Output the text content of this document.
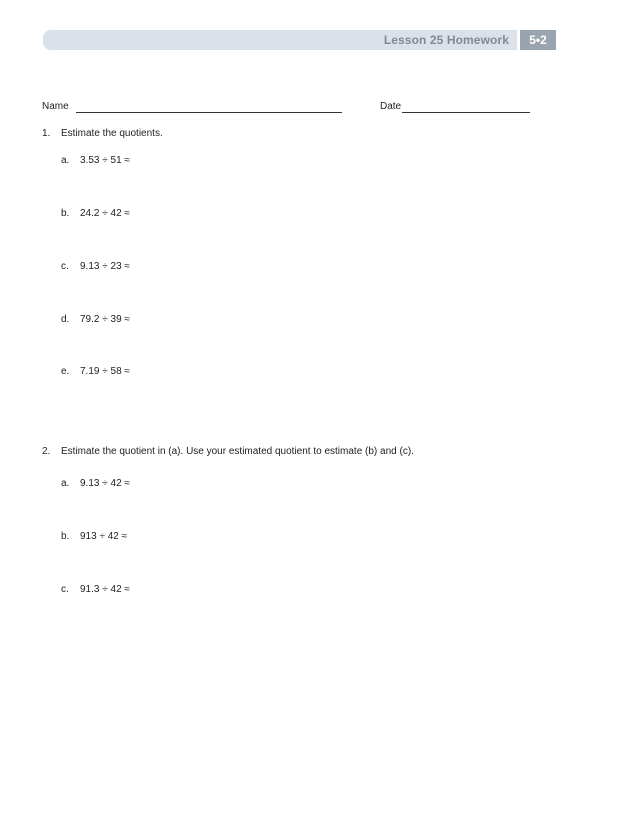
Lesson 25 Homework	5•2
Name	Date
1. Estimate the quotients.
a. 3.53 ÷ 51 ≈
b. 24.2 ÷ 42 ≈
c. 9.13 ÷ 23 ≈
d. 79.2 ÷ 39 ≈
e. 7.19 ÷ 58 ≈
2. Estimate the quotient in (a). Use your estimated quotient to estimate (b) and (c).
a. 9.13 ÷ 42 ≈
b. 913 ÷ 42 ≈
c. 91.3 ÷ 42 ≈
